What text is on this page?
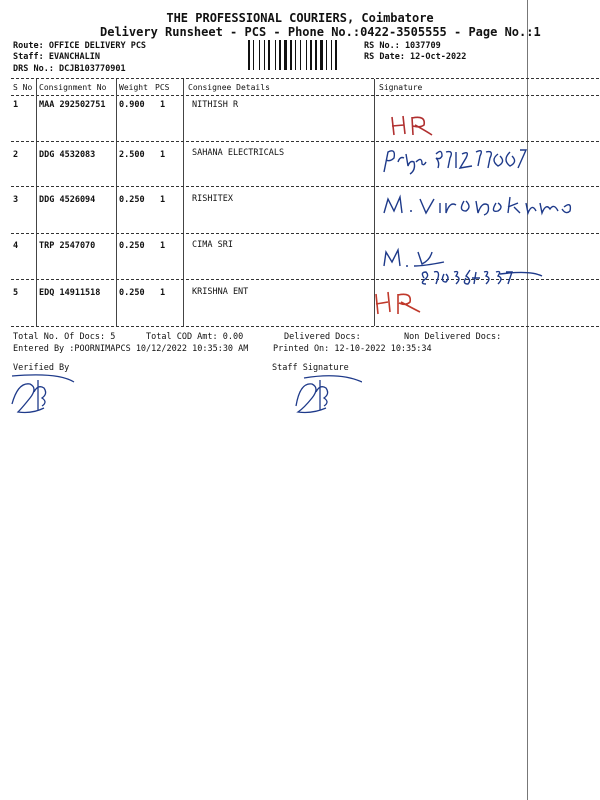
THE PROFESSIONAL COURIERS, Coimbatore
Delivery Runsheet - PCS - Phone No.:0422-3505555 - Page No.:1
Route: OFFICE DELIVERY PCS
Staff: EVANCHALIN
DRS No.: DCJB103770901
RS No.: 1037709
RS Date: 12-Oct-2022
S No Consignment No Weight PCS Consignee Details	Signature
1 MAA 292502751 0.900 1	NITHISH R
2 DDG 4532083	2.500 1	SAHANA ELECTRICALS
3 DDG 4526094	0.250 1	RISHITEX
4 TRP 2547070	0.250 1	CIMA SRI
5 EDQ 14911518 0.250 1	KRISHNA ENT
Total No. Of Docs: 5	Total COD Amt: 0.00	Delivered Docs:	Non Delivered Docs:
Entered By :POORNIMAPCS 10/12/2022 10:35:30 AM	Printed On: 12-10-2022 10:35:34
Verified By	Staff Signature
